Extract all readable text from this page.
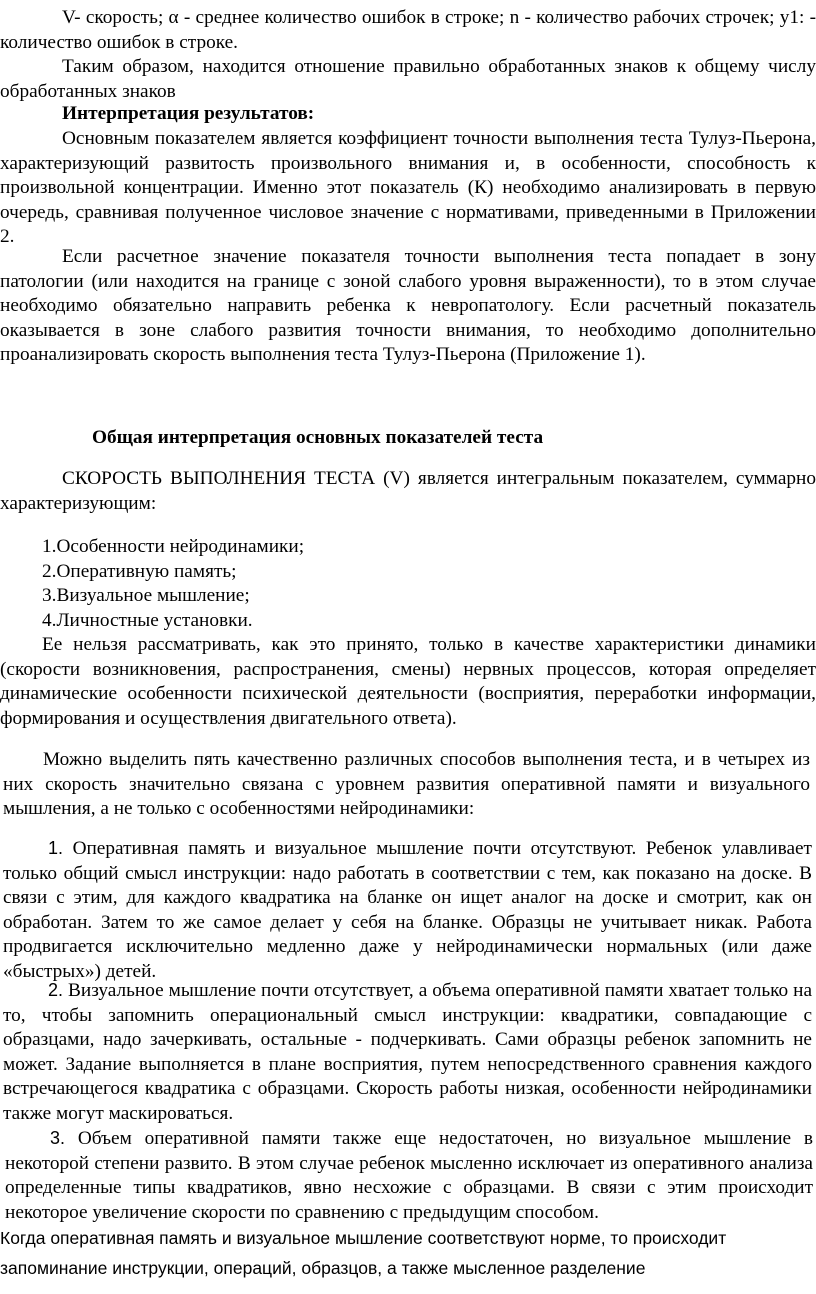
V- скорость; α - среднее количество ошибок в строке; n - количество рабочих строчек; y1: - количество ошибок в строке.

Таким образом, находится отношение правильно обработанных знаков к общему числу обработанных знаков

Интерпретация результатов:

Основным показателем является коэффициент точности выполнения теста Тулуз-Пьерона, характеризующий развитость произвольного внимания и, в особенности, способность к произвольной концентрации. Именно этот показатель (К) необходимо анализировать в первую очередь, сравнивая полученное числовое значение с нормативами, приведенными в Приложении 2.

Если расчетное значение показателя точности выполнения теста попадает в зону патологии (или находится на границе с зоной слабого уровня выраженности), то в этом случае необходимо обязательно направить ребенка к невропатологу. Если расчетный показатель оказывается в зоне слабого развития точности внимания, то необходимо дополнительно проанализировать скорость выполнения теста Тулуз-Пьерона (Приложение 1).

Общая интерпретация основных показателей теста

СКОРОСТЬ ВЫПОЛНЕНИЯ ТЕСТА (V) является интегральным показателем, суммарно характеризующим:

1.Особенности нейродинамики;

2.Оперативную память;

3.Визуальное мышление;

4.Личностные установки.

Ее нельзя рассматривать, как это принято, только в качестве характеристики динамики (скорости возникновения, распространения, смены) нервных процессов, которая определяет динамические особенности психической деятельности (восприятия, переработки информации, формирования и осуществления двигательного ответа).

Можно выделить пять качественно различных способов выполнения теста, и в четырех из них скорость значительно связана с уровнем развития оперативной памяти и визуального мышления, а не только с особенностями нейродинамики:

1. Оперативная память и визуальное мышление почти отсутствуют. Ребенок улавливает только общий смысл инструкции: надо работать в соответствии с тем, как показано на доске. В связи с этим, для каждого квадратика на бланке он ищет аналог на доске и смотрит, как он обработан. Затем то же самое делает у себя на бланке. Образцы не учитывает никак. Работа продвигается исключительно медленно даже у нейродинамически нормальных (или даже «быстрых») детей.

2. Визуальное мышление почти отсутствует, а объема оперативной памяти хватает только на то, чтобы запомнить операциональный смысл инструкции: квадратики, совпадающие с образцами, надо зачеркивать, остальные - подчеркивать. Сами образцы ребенок запомнить не может. Задание выполняется в плане восприятия, путем непосредственного сравнения каждого встречающегося квадратика с образцами. Скорость работы низкая, особенности нейродинамики также могут маскироваться.

3. Объем оперативной памяти также еще недостаточен, но визуальное мышление в некоторой степени развито. В этом случае ребенок мысленно исключает из оперативного анализа определенные типы квадратиков, явно несхожие с образцами. В связи с этим происходит некоторое увеличение скорости по сравнению с предыдущим способом.

Когда оперативная память и визуальное мышление соответствуют норме, то происходит запоминание инструкции, операций, образцов, а также мысленное разделение
